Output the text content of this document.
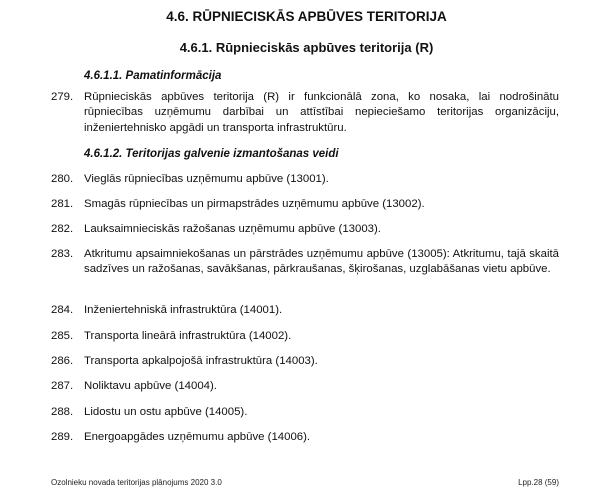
4.6. RŪPNIECISKĀS APBŪVES TERITORIJA
4.6.1. Rūpnieciskās apbūves teritorija (R)
4.6.1.1. Pamatinformācija
279. Rūpnieciskās apbūves teritorija (R) ir funkcionālā zona, ko nosaka, lai nodrošinātu rūpniecības uzņēmumu darbībai un attīstībai nepieciešamo teritorijas organizāciju, inženiertehnisko apgādi un transporta infrastruktūru.
4.6.1.2. Teritorijas galvenie izmantošanas veidi
280. Vieglās rūpniecības uzņēmumu apbūve (13001).
281. Smagās rūpniecības un pirmapstrādes uzņēmumu apbūve (13002).
282. Lauksaimnieciskās ražošanas uzņēmumu apbūve (13003).
283. Atkritumu apsaimniekošanas un pārstrādes uzņēmumu apbūve (13005): Atkritumu, tajā skaitā sadzīves un ražošanas, savākšanas, pārkraušanas, šķirošanas, uzglabāšanas vietu apbūve.
284. Inženiertehniskā infrastruktūra (14001).
285. Transporta lineārā infrastruktūra (14002).
286. Transporta apkalpojošā infrastruktūra (14003).
287. Noliktavu apbūve (14004).
288. Lidostu un ostu apbūve (14005).
289. Energoapgādes uzņēmumu apbūve (14006).
Ozolnieku novada teritorijas plānojums 2020 3.0	Lpp.28 (59)
